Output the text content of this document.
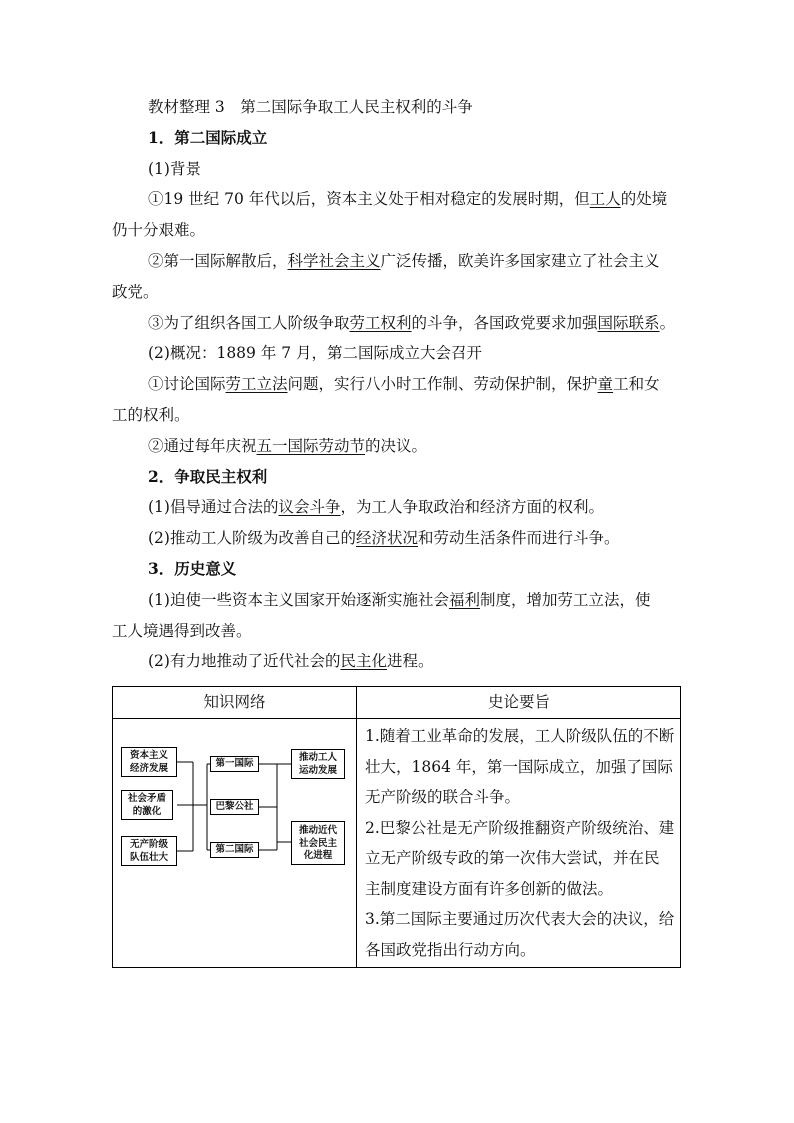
教材整理 3　第二国际争取工人民主权利的斗争
1．第二国际成立
(1)背景
①19 世纪 70 年代以后，资本主义处于相对稳定的发展时期，但工人的处境
仍十分艰难。
②第一国际解散后，科学社会主义广泛传播，欧美许多国家建立了社会主义
政党。
③为了组织各国工人阶级争取劳工权利的斗争，各国政党要求加强国际联系。
(2)概况：1889 年 7 月，第二国际成立大会召开
①讨论国际劳工立法问题，实行八小时工作制、劳动保护制，保护童工和女
工的权利。
②通过每年庆祝五一国际劳动节的决议。
2．争取民主权利
(1)倡导通过合法的议会斗争，为工人争取政治和经济方面的权利。
(2)推动工人阶级为改善自己的经济状况和劳动生活条件而进行斗争。
3．历史意义
(1)迫使一些资本主义国家开始逐渐实施社会福利制度，增加劳工立法，使
工人境遇得到改善。
(2)有力地推动了近代社会的民主化进程。
知识网络	史论要旨
资本主义
经济发展
社会矛盾
的激化
无产阶级
队伍壮大
第一国际
巴黎公社
第二国际
推动工人
运动发展
推动近代
社会民主
化进程
1.随着工业革命的发展，工人阶级队伍的不断
壮大，1864 年，第一国际成立，加强了国际
无产阶级的联合斗争。
2.巴黎公社是无产阶级推翻资产阶级统治、建
立无产阶级专政的第一次伟大尝试，并在民
主制度建设方面有许多创新的做法。
3.第二国际主要通过历次代表大会的决议，给
各国政党指出行动方向。
